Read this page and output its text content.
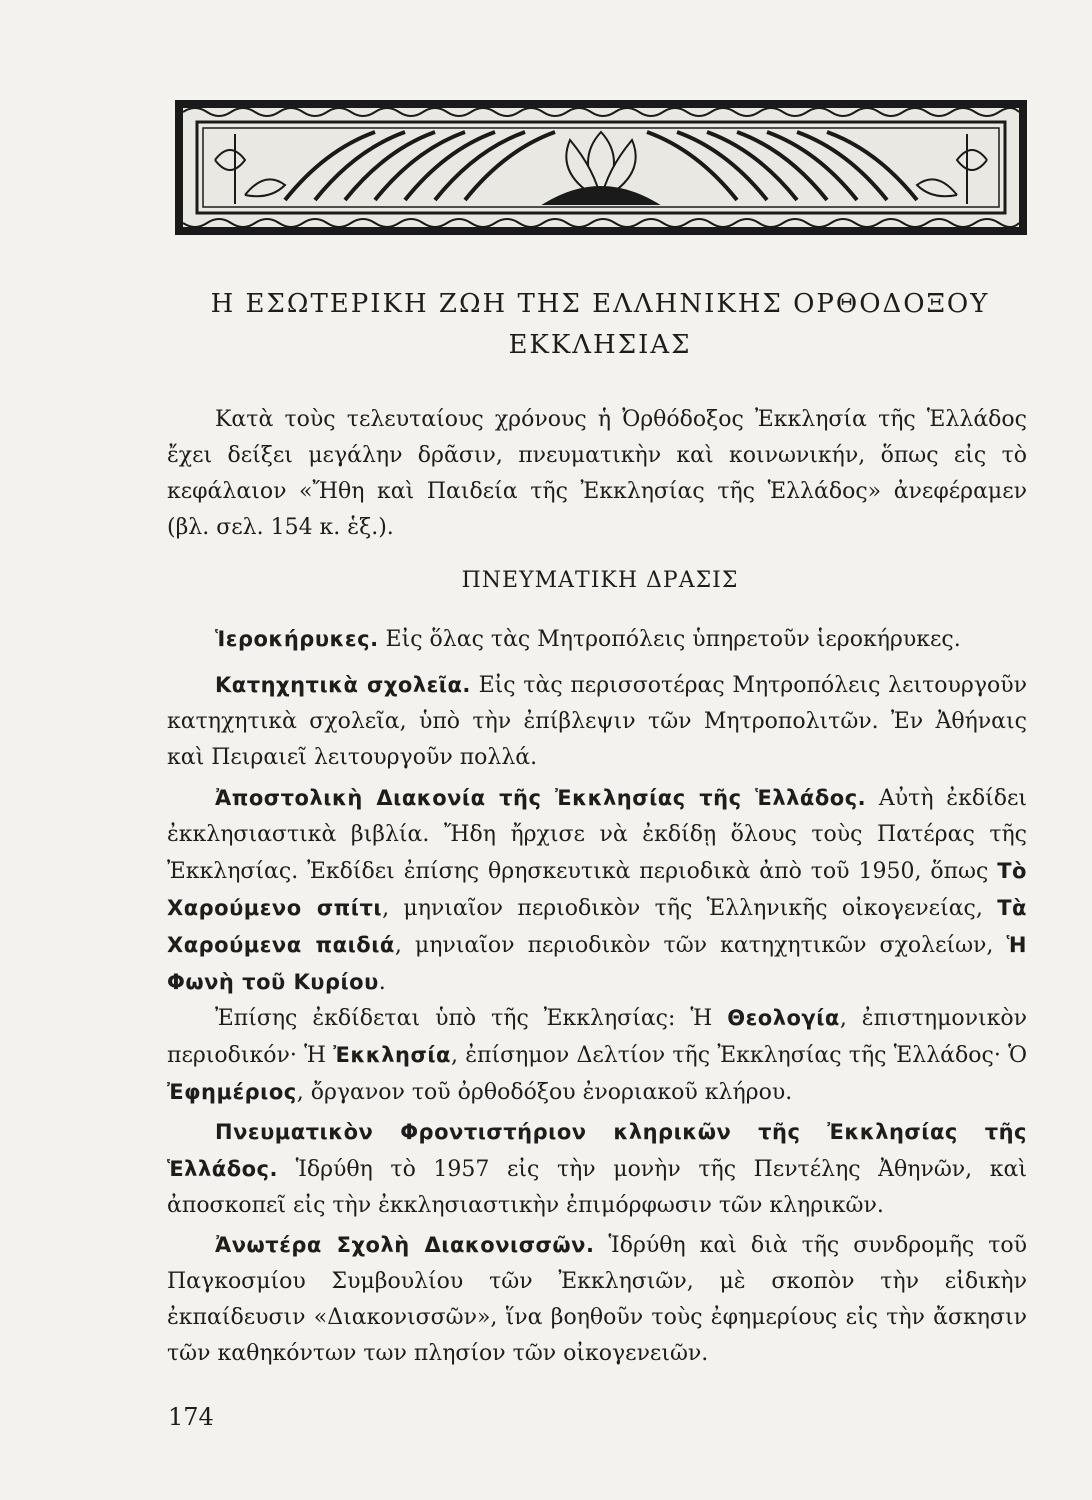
Η ΕΣΩΤΕΡΙΚΗ ΖΩΗ ΤΗΣ ΕΛΛΗΝΙΚΗΣ ΟΡΘΟΔΟΞΟΥ
ΕΚΚΛΗΣΙΑΣ

Κατὰ τοὺς τελευταίους χρόνους ἡ Ὀρθόδοξος Ἐκκλησία τῆς Ἑλλάδος ἔχει δείξει μεγάλην δρᾶσιν, πνευματικὴν καὶ κοινωνικήν, ὅπως εἰς τὸ κεφάλαιον «Ἤθη καὶ Παιδεία τῆς Ἐκκλησίας τῆς Ἑλλάδος» ἀνεφέραμεν (βλ. σελ. 154 κ. ἑξ.).

ΠΝΕΥΜΑΤΙΚΗ ΔΡΑΣΙΣ

Ἱεροκήρυκες. Εἰς ὅλας τὰς Μητροπόλεις ὑπηρετοῦν ἱεροκήρυκες.

Κατηχητικὰ σχολεῖα. Εἰς τὰς περισσοτέρας Μητροπόλεις λειτουργοῦν κατηχητικὰ σχολεῖα, ὑπὸ τὴν ἐπίβλεψιν τῶν Μητροπολιτῶν. Ἐν Ἀθήναις καὶ Πειραιεῖ λειτουργοῦν πολλά.

Ἀποστολικὴ Διακονία τῆς Ἐκκλησίας τῆς Ἑλλάδος. Αὐτὴ ἐκδίδει ἐκκλησιαστικὰ βιβλία. Ἤδη ἤρχισε νὰ ἐκδίδῃ ὅλους τοὺς Πατέρας τῆς Ἐκκλησίας. Ἐκδίδει ἐπίσης θρησκευτικὰ περιοδικὰ ἀπὸ τοῦ 1950, ὅπως Τὸ Χαρούμενο σπίτι, μηνιαῖον περιοδικὸν τῆς Ἑλληνικῆς οἰκογενείας, Τὰ Χαρούμενα παιδιά, μηνιαῖον περιοδικὸν τῶν κατηχητικῶν σχολείων, Ἡ Φωνὴ τοῦ Κυρίου.

Ἐπίσης ἐκδίδεται ὑπὸ τῆς Ἐκκλησίας: Ἡ Θεολογία, ἐπιστημονικὸν περιοδικόν· Ἡ Ἐκκλησία, ἐπίσημον Δελτίον τῆς Ἐκκλησίας τῆς Ἑλλάδος· Ὁ Ἐφημέριος, ὄργανον τοῦ ὀρθοδόξου ἐνοριακοῦ κλήρου.

Πνευματικὸν Φροντιστήριον κληρικῶν τῆς Ἐκκλησίας τῆς Ἑλλάδος. Ἱδρύθη τὸ 1957 εἰς τὴν μονὴν τῆς Πεντέλης Ἀθηνῶν, καὶ ἀποσκοπεῖ εἰς τὴν ἐκκλησιαστικὴν ἐπιμόρφωσιν τῶν κληρικῶν.

Ἀνωτέρα Σχολὴ Διακονισσῶν. Ἱδρύθη καὶ διὰ τῆς συνδρομῆς τοῦ Παγκοσμίου Συμβουλίου τῶν Ἐκκλησιῶν, μὲ σκοπὸν τὴν εἰδικὴν ἐκπαίδευσιν «Διακονισσῶν», ἵνα βοηθοῦν τοὺς ἐφημερίους εἰς τὴν ἄσκησιν τῶν καθηκόντων των πλησίον τῶν οἰκογενειῶν.

174
